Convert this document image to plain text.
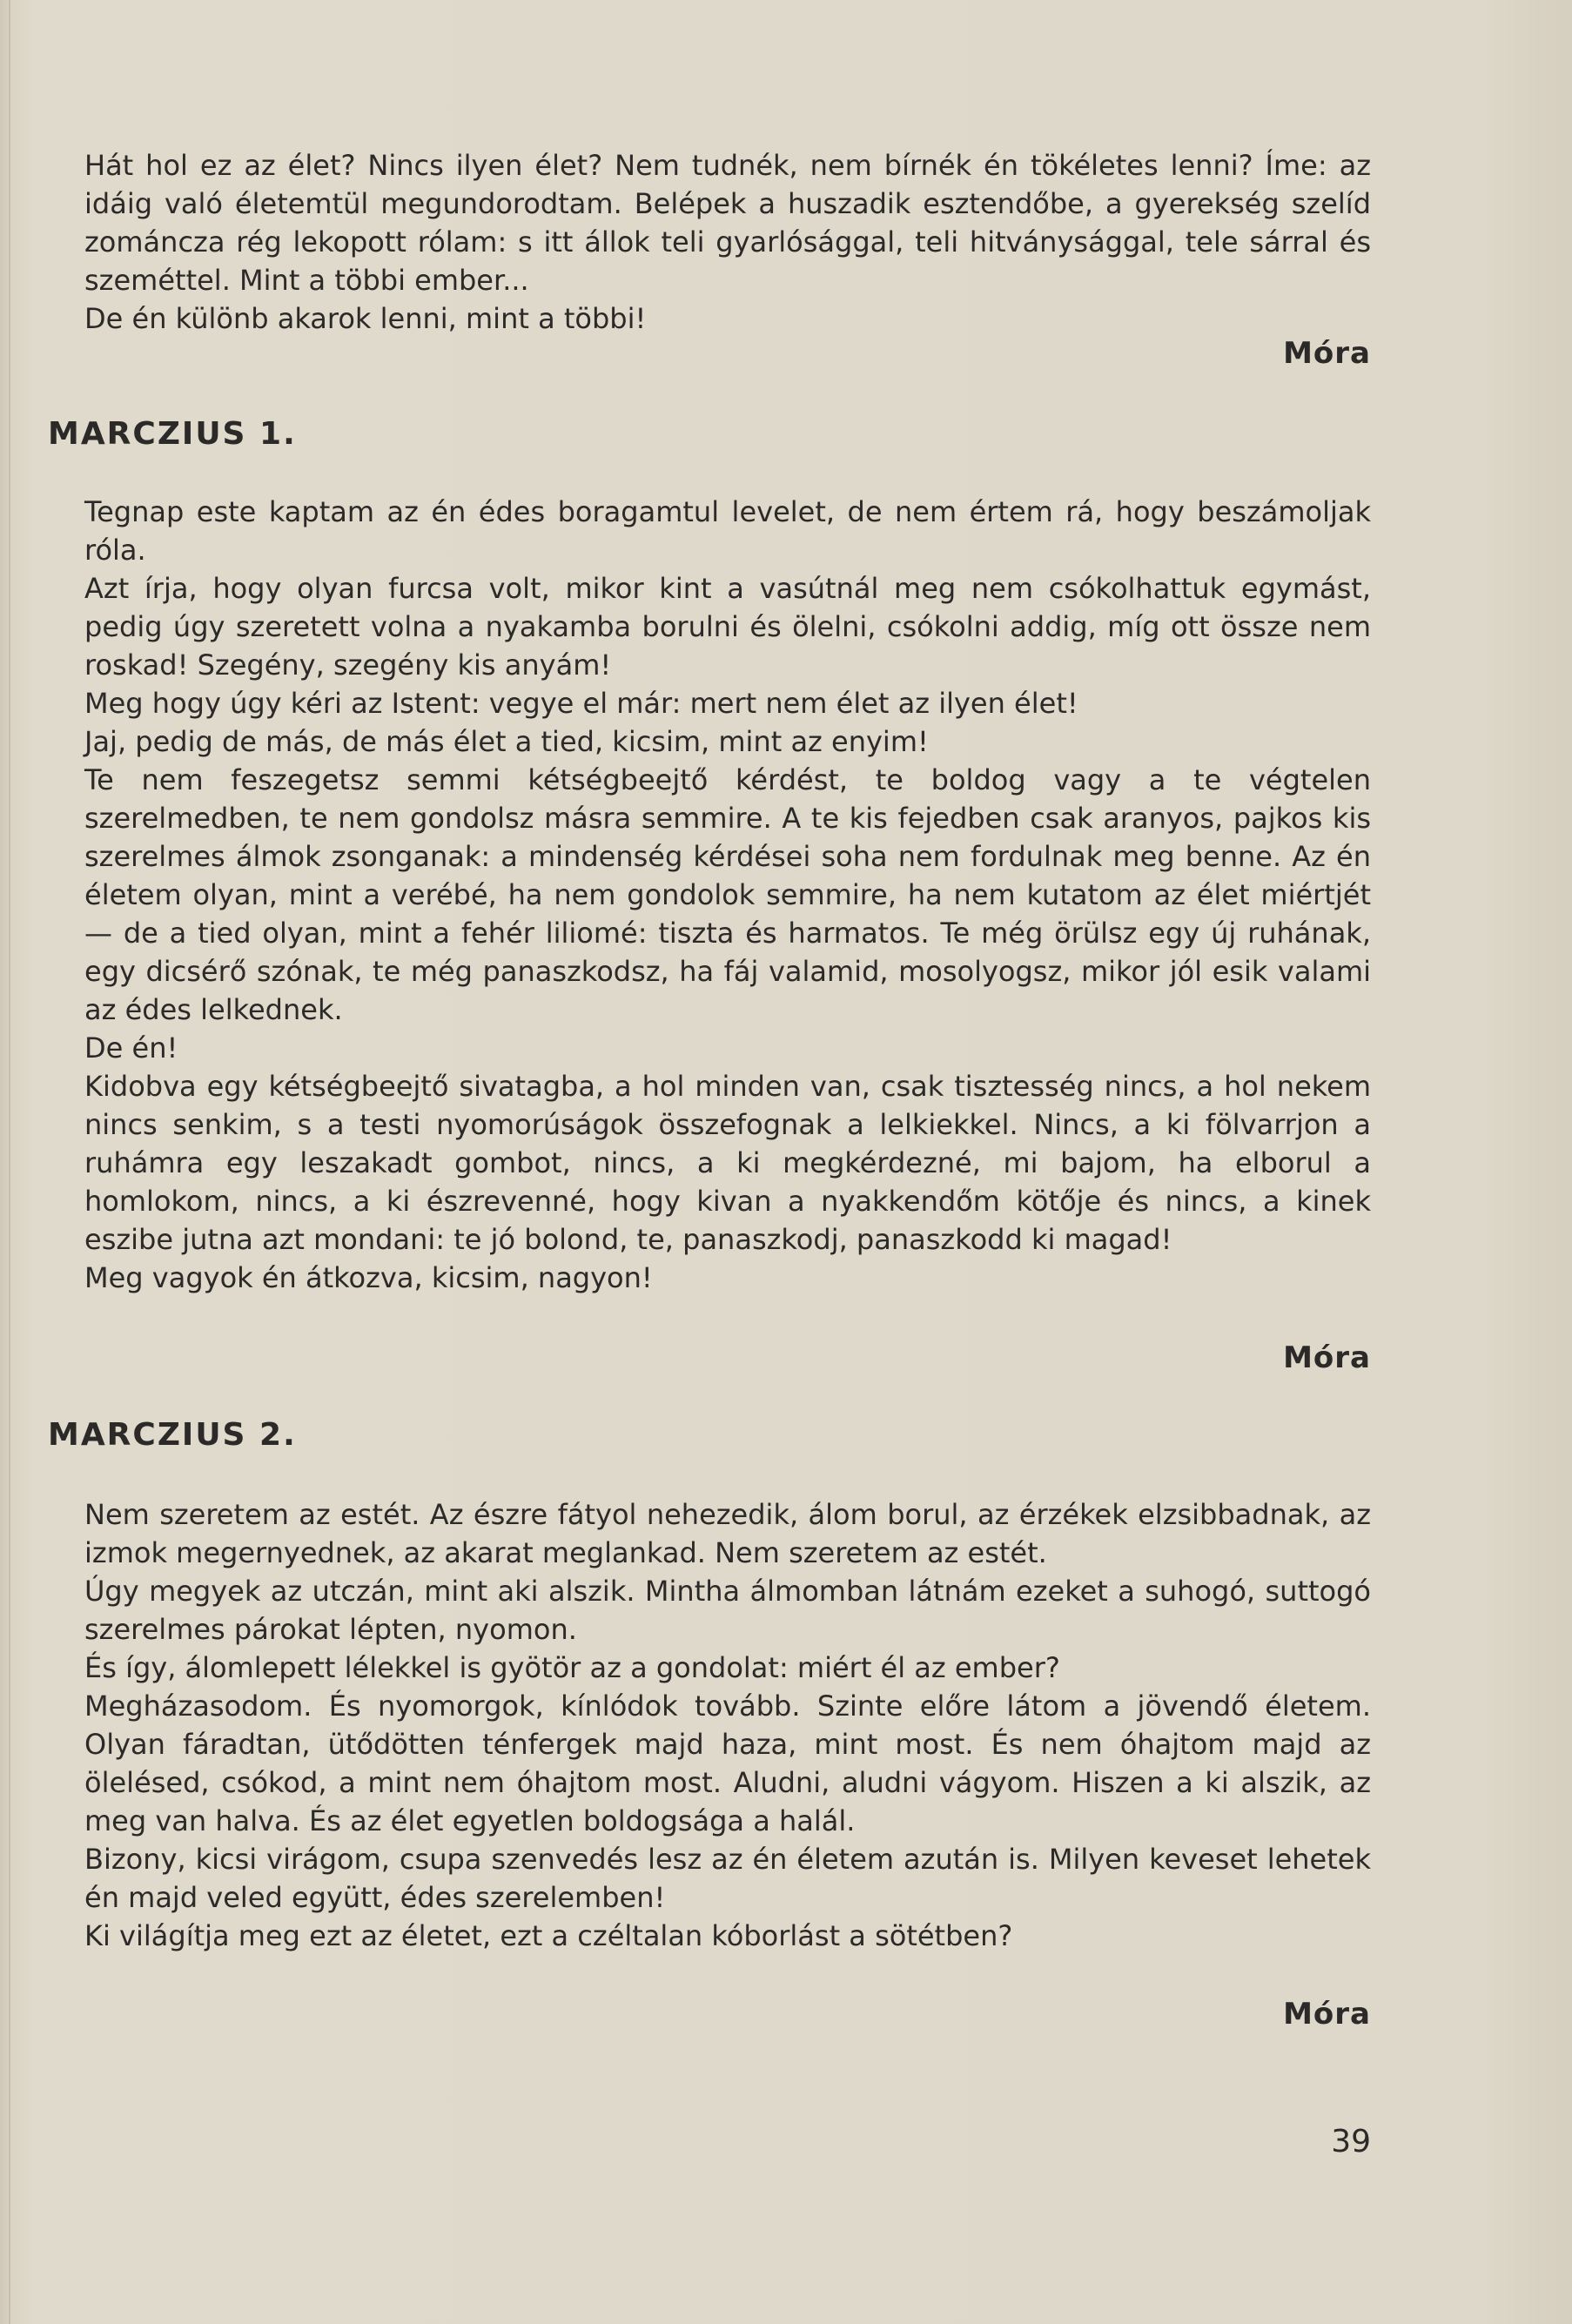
Hát hol ez az élet? Nincs ilyen élet? Nem tudnék, nem bírnék én tökéletes lenni? Íme: az idáig való életemtül megundorodtam. Belépek a huszadik esztendőbe, a gyerekség szelíd zománcza rég lekopott rólam: s itt állok teli gyarlósággal, teli hitványsággal, tele sárral és szeméttel. Mint a többi ember...

De én különb akarok lenni, mint a többi!

Móra
MARCZIUS 1.

Tegnap este kaptam az én édes boragamtul levelet, de nem értem rá, hogy beszámoljak róla.

Azt írja, hogy olyan furcsa volt, mikor kint a vasútnál meg nem csókolhattuk egymást, pedig úgy szeretett volna a nyakamba borulni és ölelni, csókolni addig, míg ott össze nem roskad! Szegény, szegény kis anyám!

Meg hogy úgy kéri az Istent: vegye el már: mert nem élet az ilyen élet!

Jaj, pedig de más, de más élet a tied, kicsim, mint az enyim!

Te nem feszegetsz semmi kétségbeejtő kérdést, te boldog vagy a te végtelen szerelmedben, te nem gondolsz másra semmire. A te kis fejedben csak aranyos, pajkos kis szerelmes álmok zsonganak: a mindenség kérdései soha nem fordulnak meg benne. Az én életem olyan, mint a verébé, ha nem gondolok semmire, ha nem kutatom az élet miértjét — de a tied olyan, mint a fehér liliomé: tiszta és harmatos. Te még örülsz egy új ruhának, egy dicsérő szónak, te még panaszkodsz, ha fáj valamid, mosolyogsz, mikor jól esik valami az édes lelkednek.

De én!

Kidobva egy kétségbeejtő sivatagba, a hol minden van, csak tisztesség nincs, a hol nekem nincs senkim, s a testi nyomorúságok összefognak a lelkiekkel. Nincs, a ki fölvarrjon a ruhámra egy leszakadt gombot, nincs, a ki megkérdezné, mi bajom, ha elborul a homlokom, nincs, a ki észrevenné, hogy kivan a nyakkendőm kötője és nincs, a kinek eszibe jutna azt mondani: te jó bolond, te, panaszkodj, panaszkodd ki magad!

Meg vagyok én átkozva, kicsim, nagyon!

Móra
MARCZIUS 2.

Nem szeretem az estét. Az észre fátyol nehezedik, álom borul, az érzékek elzsibbadnak, az izmok megernyednek, az akarat meglankad. Nem szeretem az estét.

Úgy megyek az utczán, mint aki alszik. Mintha álmomban látnám ezeket a suhogó, suttogó szerelmes párokat lépten, nyomon.

És így, álomlepett lélekkel is gyötör az a gondolat: miért él az ember?

Megházasodom. És nyomorgok, kínlódok tovább. Szinte előre látom a jövendő életem. Olyan fáradtan, ütődötten ténfergek majd haza, mint most. És nem óhajtom majd az ölelésed, csókod, a mint nem óhajtom most. Aludni, aludni vágyom. Hiszen a ki alszik, az meg van halva. És az élet egyetlen boldogsága a halál.

Bizony, kicsi virágom, csupa szenvedés lesz az én életem azután is. Milyen keveset lehetek én majd veled együtt, édes szerelemben!

Ki világítja meg ezt az életet, ezt a czéltalan kóborlást a sötétben?

Móra
39
